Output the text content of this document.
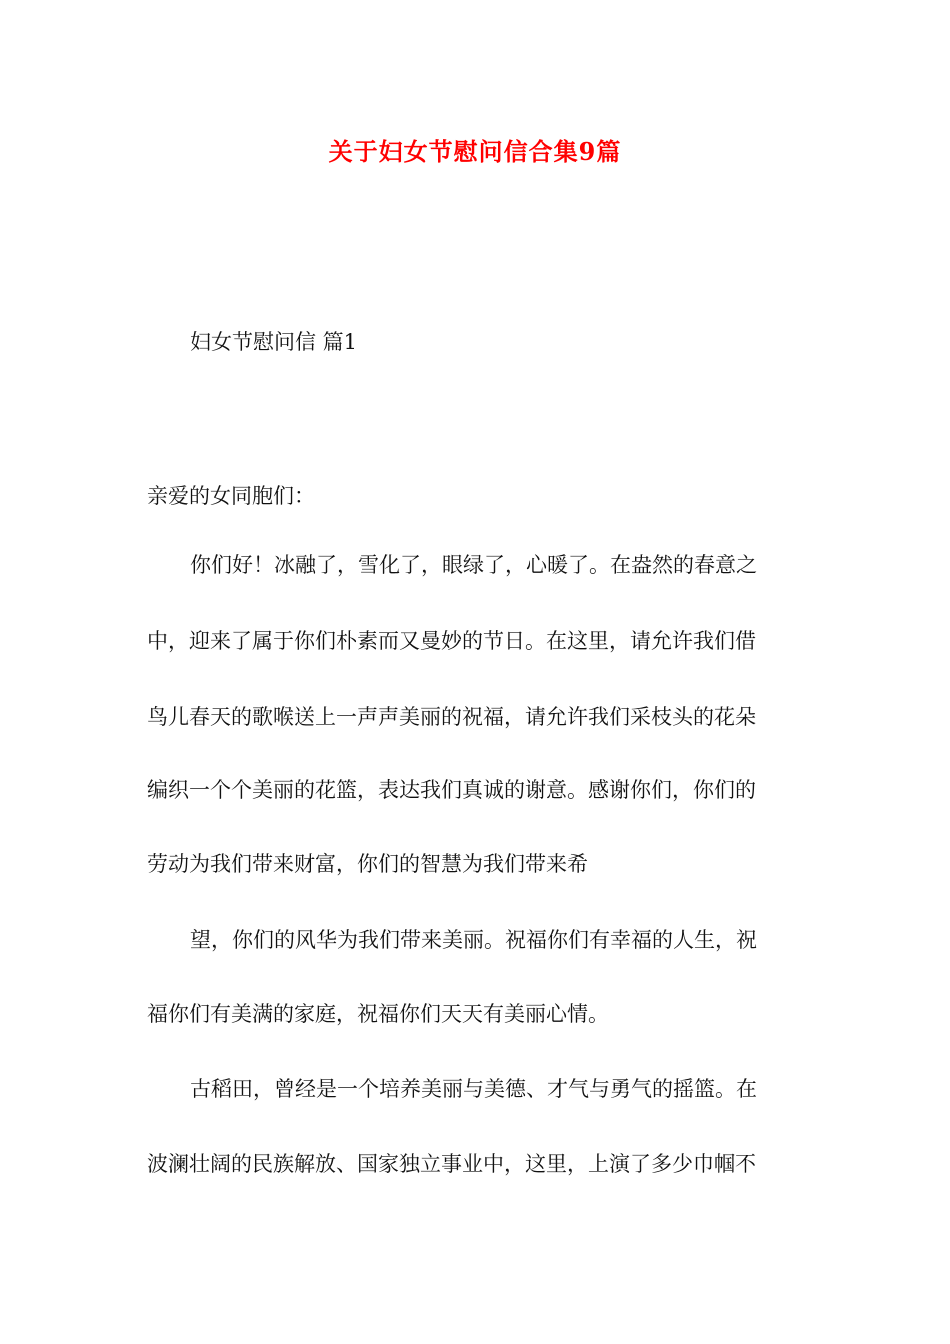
关于妇女节慰问信合集9篇
妇女节慰问信 篇1
亲爱的女同胞们：
你们好！冰融了，雪化了，眼绿了，心暖了。在盎然的春意之
中，迎来了属于你们朴素而又曼妙的节日。在这里，请允许我们借
鸟儿春天的歌喉送上一声声美丽的祝福，请允许我们采枝头的花朵
编织一个个美丽的花篮，表达我们真诚的谢意。感谢你们，你们的
劳动为我们带来财富，你们的智慧为我们带来希
望，你们的风华为我们带来美丽。祝福你们有幸福的人生，祝
福你们有美满的家庭，祝福你们天天有美丽心情。
古稻田，曾经是一个培养美丽与美德、才气与勇气的摇篮。在
波澜壮阔的民族解放、国家独立事业中，这里，上演了多少巾帼不
